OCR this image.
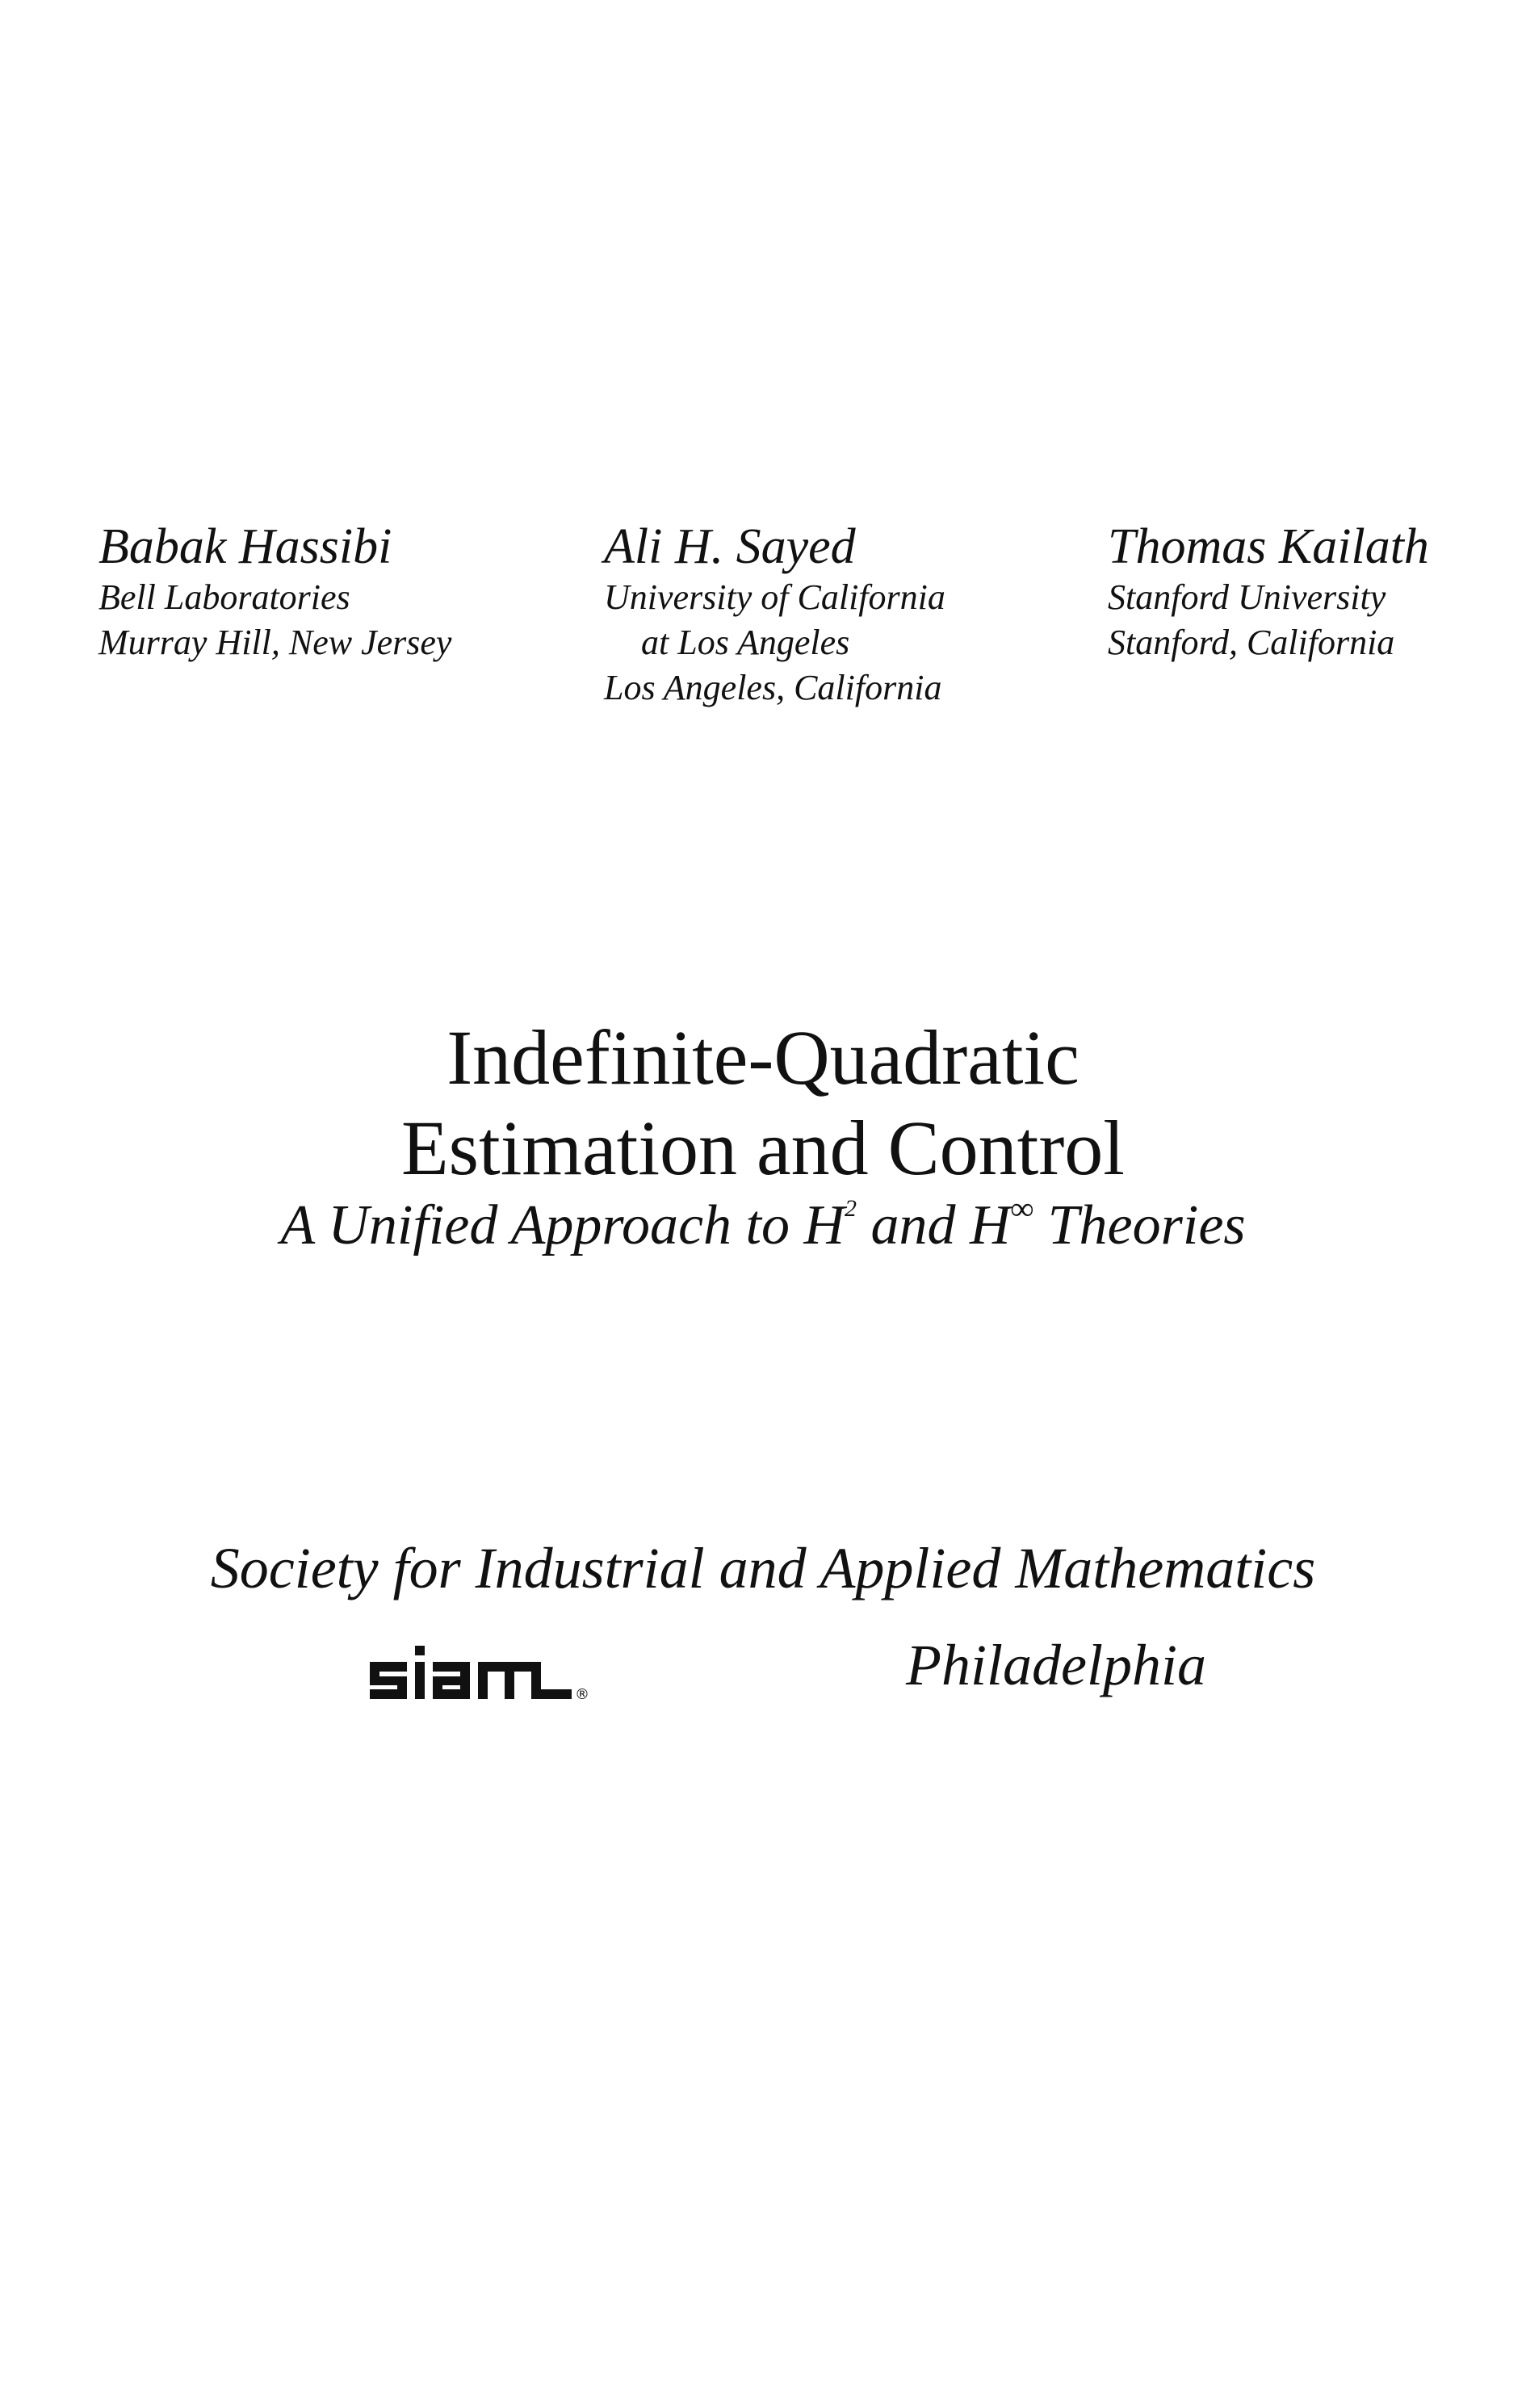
Babak Hassibi
Bell Laboratories
Murray Hill, New Jersey
Ali H. Sayed
University of California
at Los Angeles
Los Angeles, California
Thomas Kailath
Stanford University
Stanford, California
Indefinite-Quadratic
Estimation and Control
A Unified Approach to $H^2$ and H∞ Theories
Society for Industrial and Applied Mathematics
®	Philadelphia
